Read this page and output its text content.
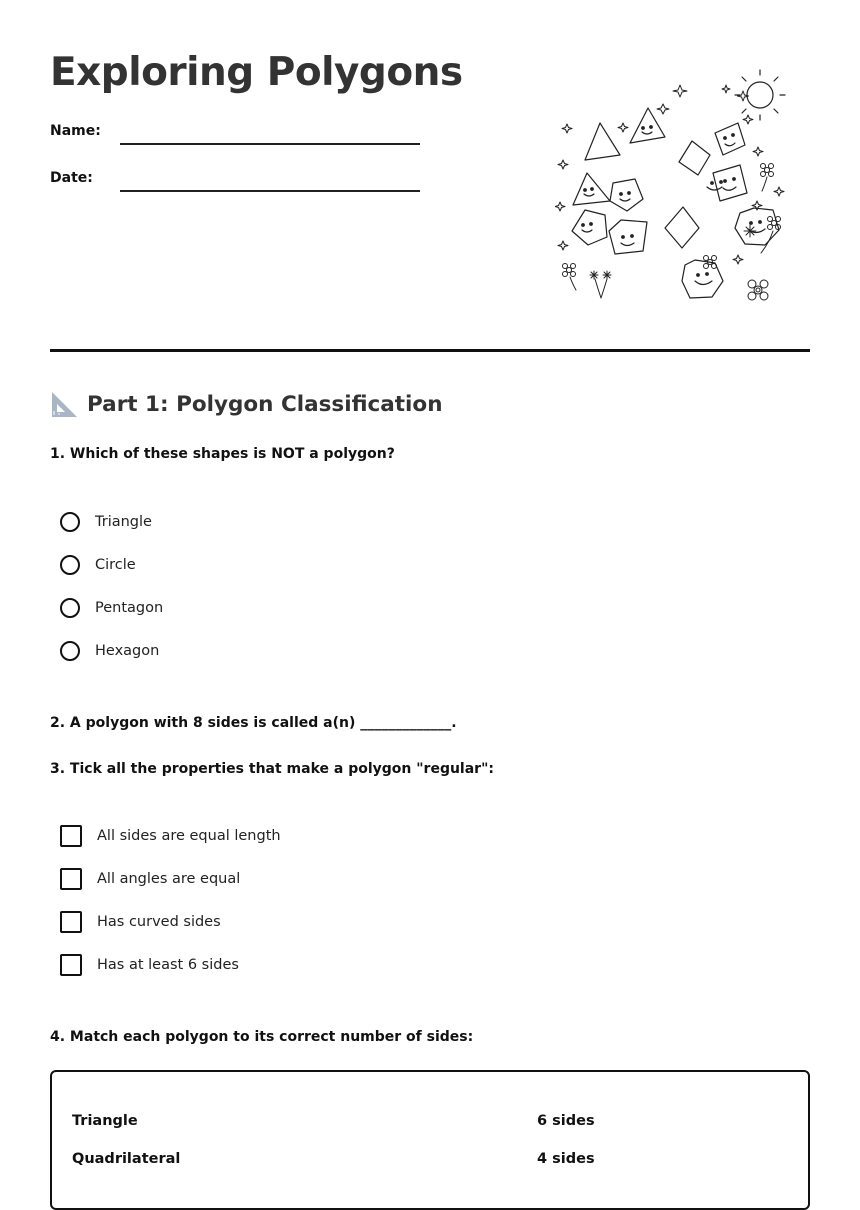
Exploring Polygons
Name:
Date:
Part 1: Polygon Classification
1. Which of these shapes is NOT a polygon?
Triangle
Circle
Pentagon
Hexagon
2. A polygon with 8 sides is called a(n) _____________.
3. Tick all the properties that make a polygon "regular":
All sides are equal length
All angles are equal
Has curved sides
Has at least 6 sides
4. Match each polygon to its correct number of sides:
Triangle	6 sides
Quadrilateral	4 sides
